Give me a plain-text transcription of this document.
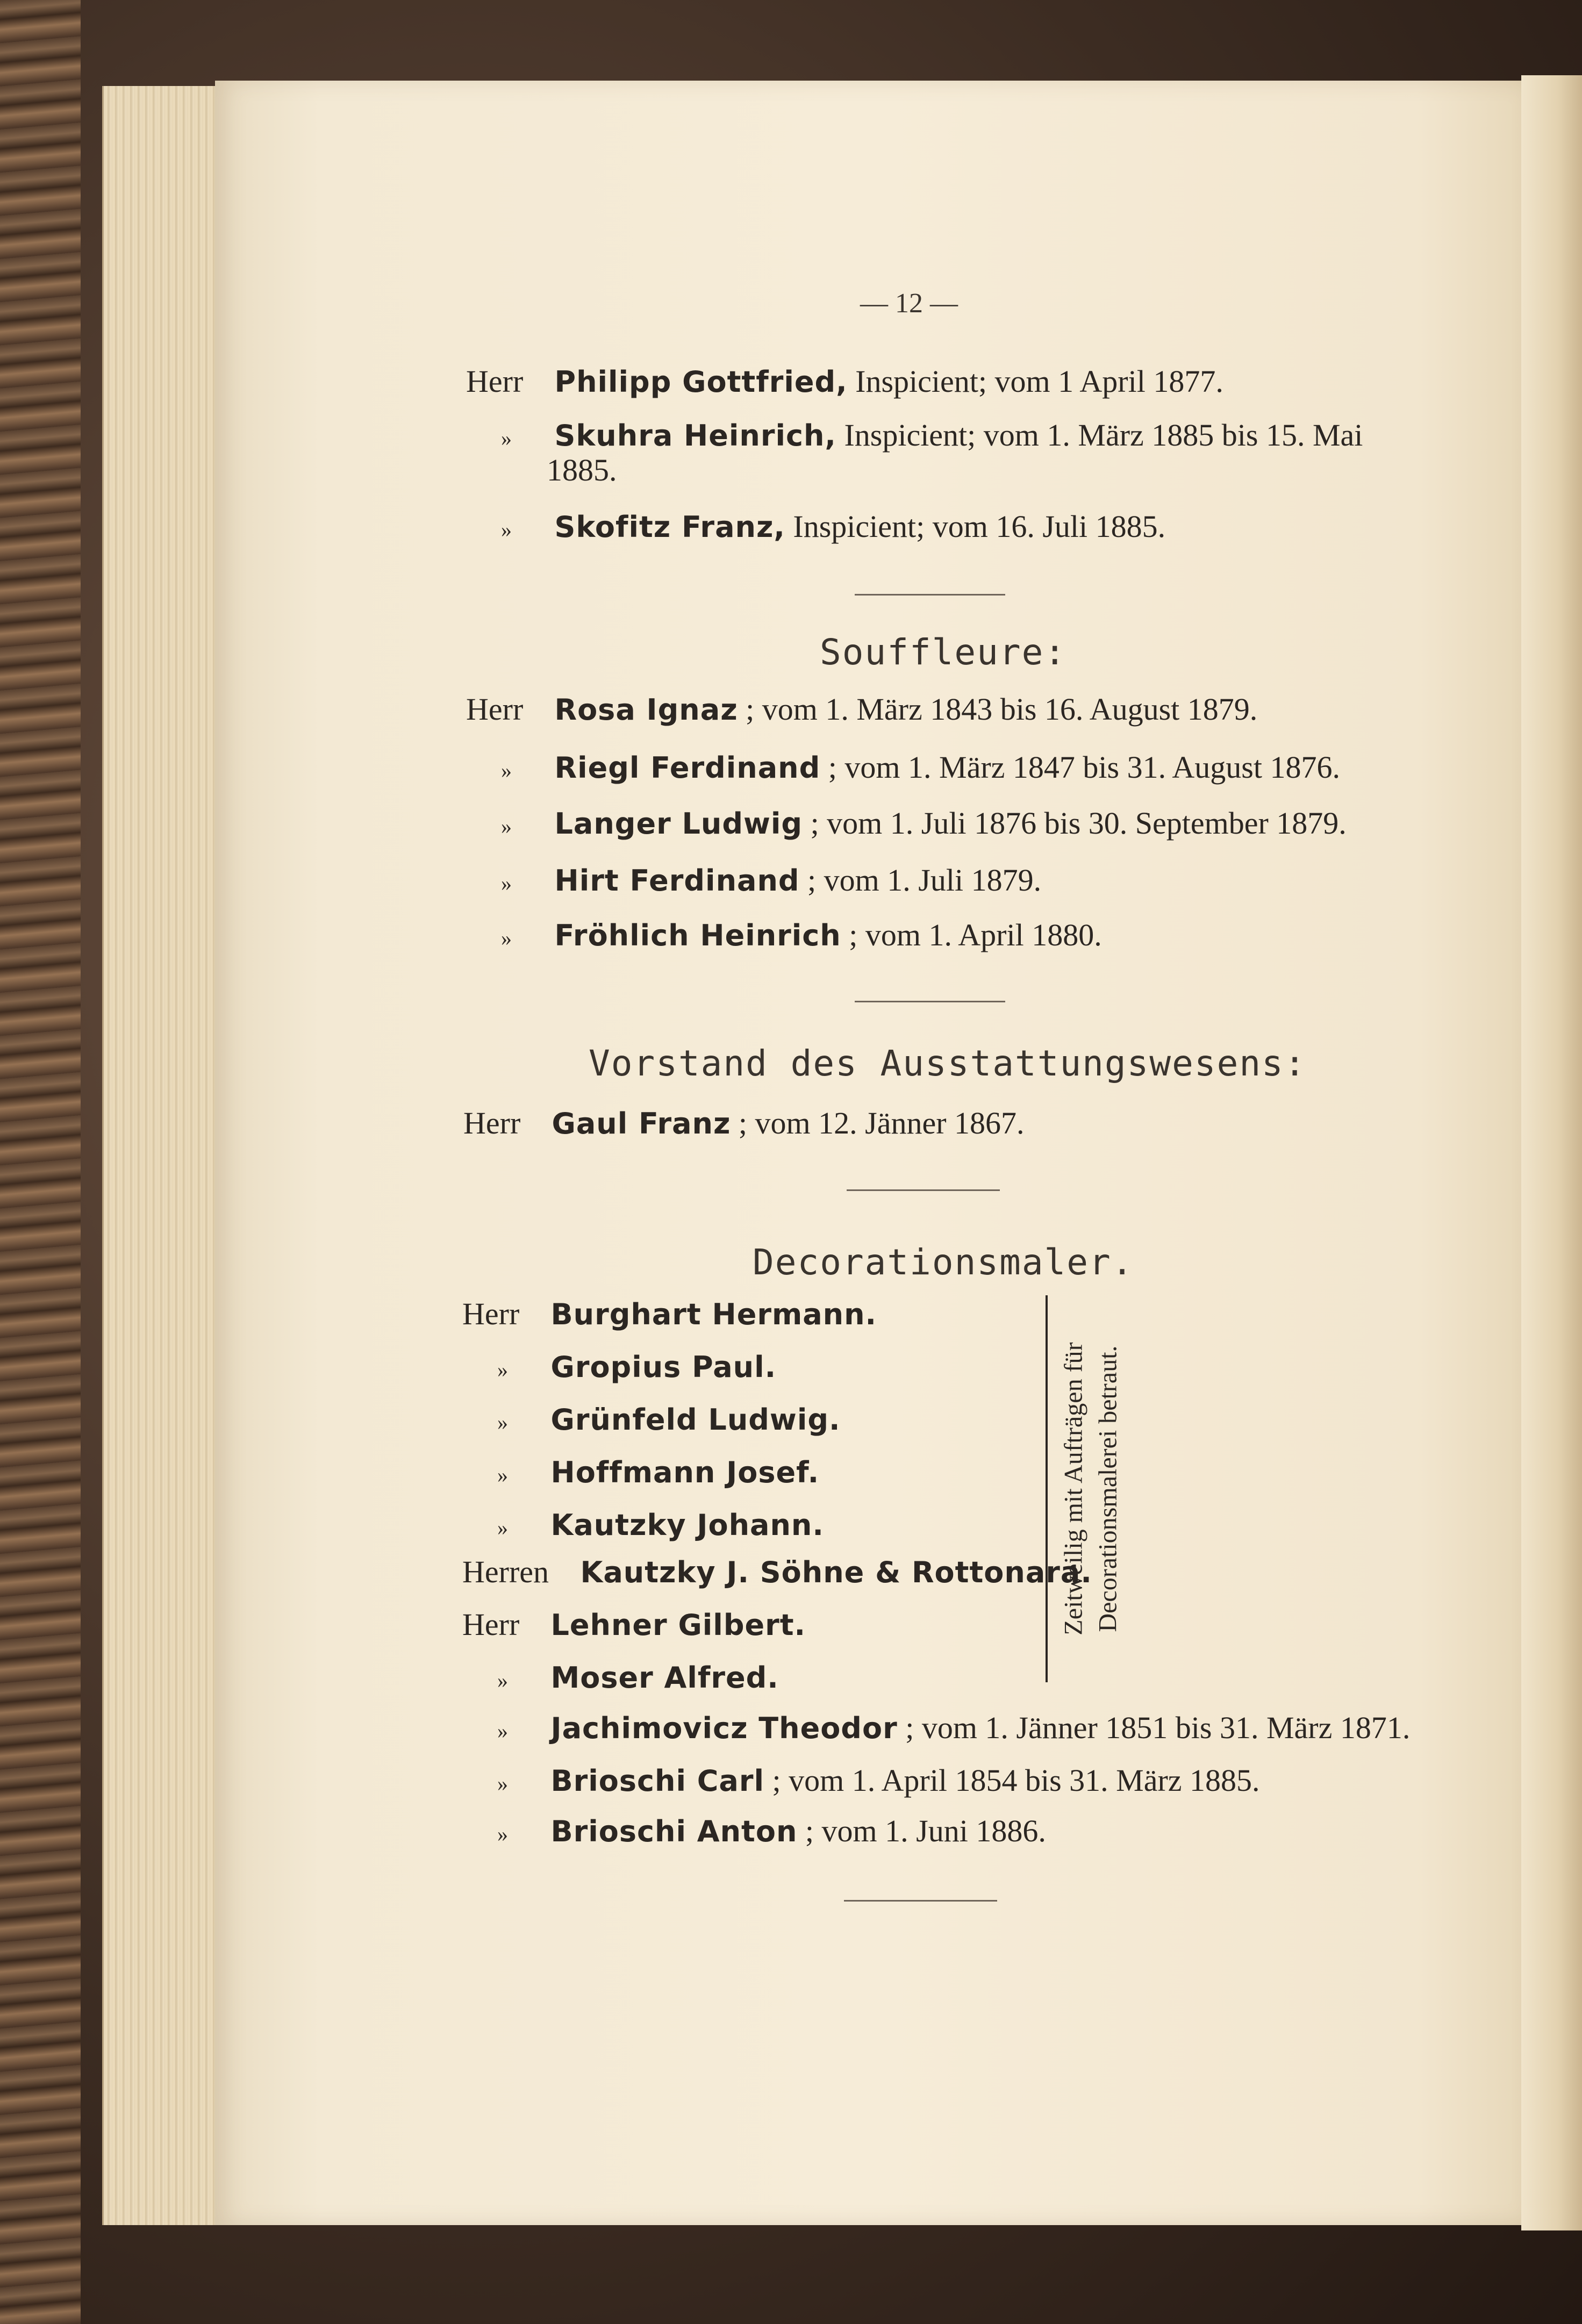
— 12 —
Herr Philipp Gottfried, Inspicient; vom 1 April 1877.
» Skuhra Heinrich, Inspicient; vom 1. März 1885 bis 15. Mai
1885.
» Skofitz Franz, Inspicient; vom 16. Juli 1885.
Souffleure:
Herr Rosa Ignaz ; vom 1. März 1843 bis 16. August 1879.
» Riegl Ferdinand ; vom 1. März 1847 bis 31. August 1876.
» Langer Ludwig ; vom 1. Juli 1876 bis 30. September 1879.
» Hirt Ferdinand ; vom 1. Juli 1879.
» Fröhlich Heinrich ; vom 1. April 1880.
Vorstand des Ausstattungswesens:
Herr Gaul Franz ; vom 12. Jänner 1867.
Decorationsmaler.
Herr Burghart Hermann.
» Gropius Paul.
» Grünfeld Ludwig.
» Hoffmann Josef.
» Kautzky Johann.
Herren Kautzky J. Söhne & Rottonara.
Herr Lehner Gilbert.
» Moser Alfred.
» Jachimovicz Theodor ; vom 1. Jänner 1851 bis 31. März 1871.
» Brioschi Carl ; vom 1. April 1854 bis 31. März 1885.
» Brioschi Anton ; vom 1. Juni 1886.
Zeitweilig mit Aufträgen für Decorationsmalerei betraut.
